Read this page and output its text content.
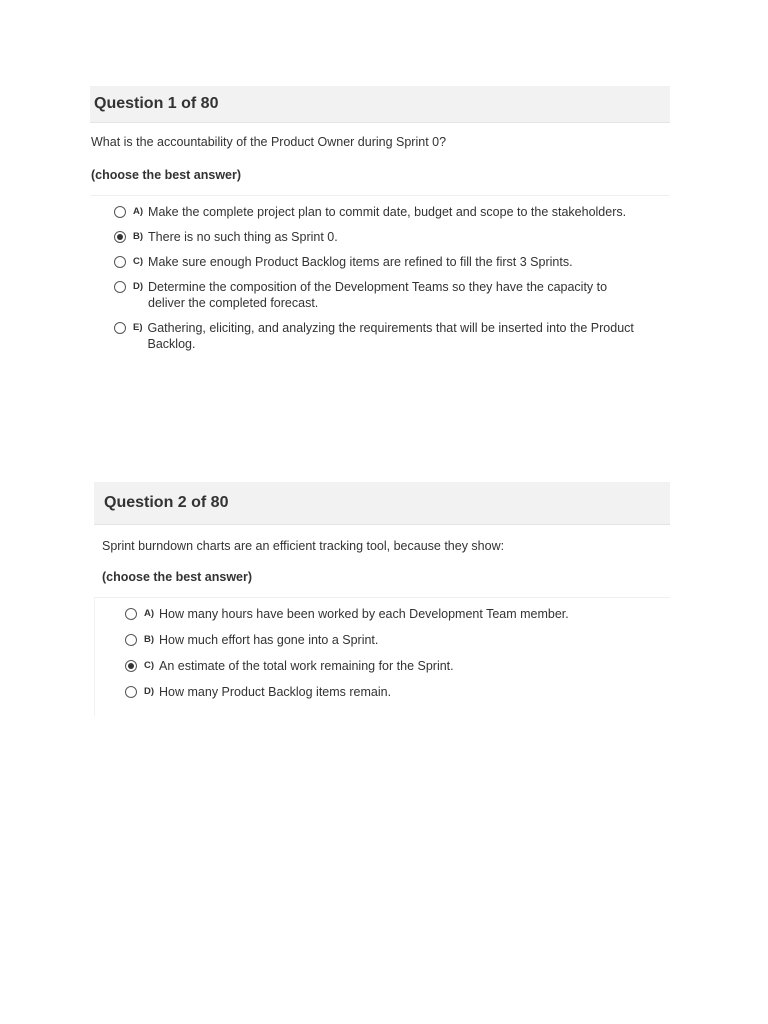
Question 1 of 80
What is the accountability of the Product Owner during Sprint 0?
(choose the best answer)
A) Make the complete project plan to commit date, budget and scope to the stakeholders.
B) There is no such thing as Sprint 0.
C) Make sure enough Product Backlog items are refined to fill the first 3 Sprints.
D) Determine the composition of the Development Teams so they have the capacity to deliver the completed forecast.
E) Gathering, eliciting, and analyzing the requirements that will be inserted into the Product Backlog.
Question 2 of 80
Sprint burndown charts are an efficient tracking tool, because they show:
(choose the best answer)
A) How many hours have been worked by each Development Team member.
B) How much effort has gone into a Sprint.
C) An estimate of the total work remaining for the Sprint.
D) How many Product Backlog items remain.
